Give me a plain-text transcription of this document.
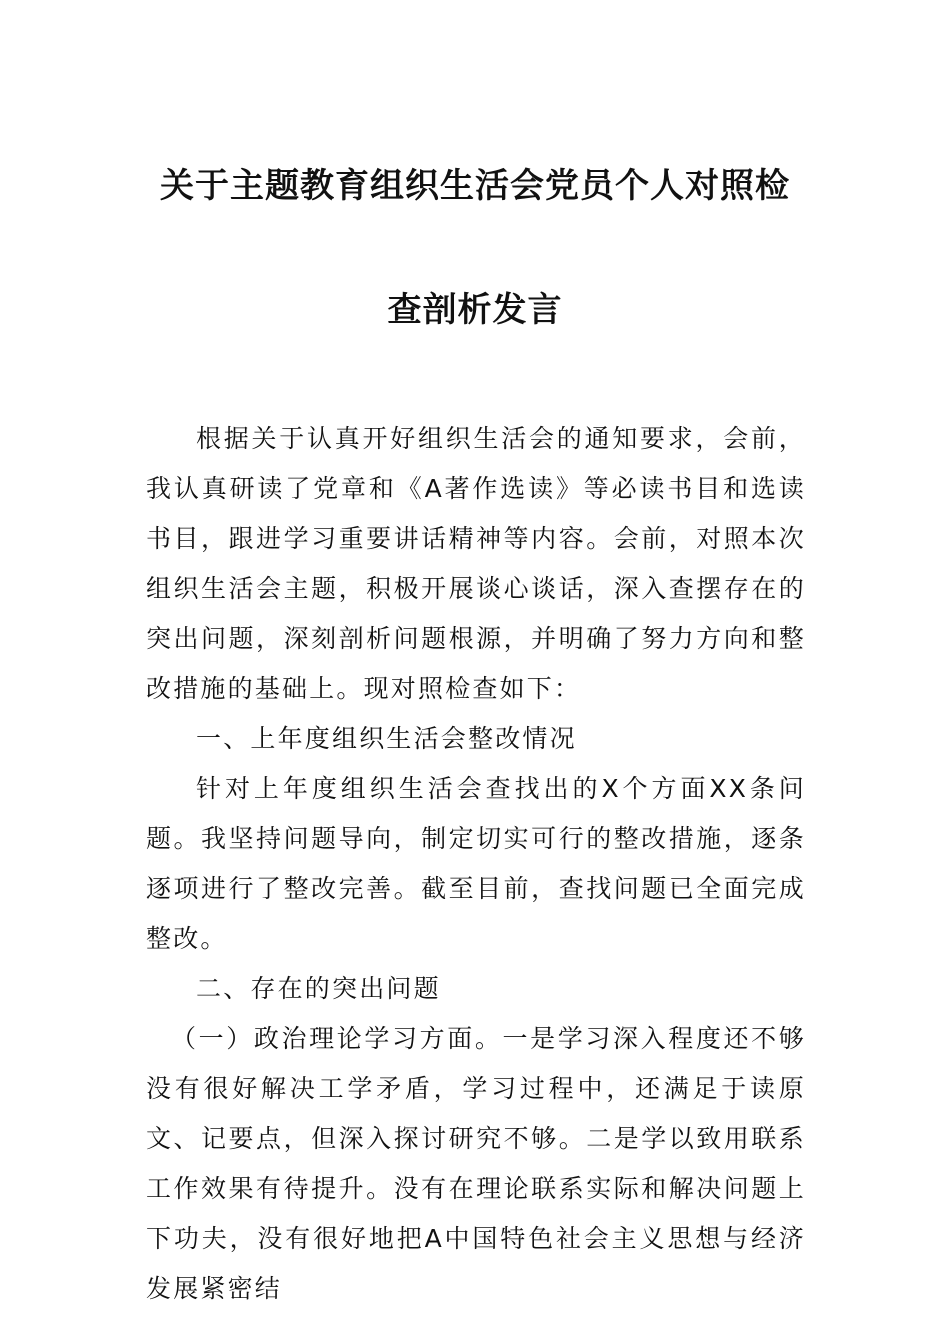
关于主题教育组织生活会党员个人对照检
查剖析发言

根据关于认真开好组织生活会的通知要求，会前，我认真研读了党章和《A著作选读》等必读书目和选读书目，跟进学习重要讲话精神等内容。会前，对照本次组织生活会主题，积极开展谈心谈话，深入查摆存在的突出问题，深刻剖析问题根源，并明确了努力方向和整改措施的基础上。现对照检查如下：

一、上年度组织生活会整改情况

针对上年度组织生活会查找出的X个方面XX条问题。我坚持问题导向，制定切实可行的整改措施，逐条逐项进行了整改完善。截至目前，查找问题已全面完成整改。

二、存在的突出问题

（一）政治理论学习方面。一是学习深入程度还不够没有很好解决工学矛盾，学习过程中，还满足于读原文、记要点，但深入探讨研究不够。二是学以致用联系工作效果有待提升。没有在理论联系实际和解决问题上下功夫，没有很好地把A中国特色社会主义思想与经济发展紧密结
